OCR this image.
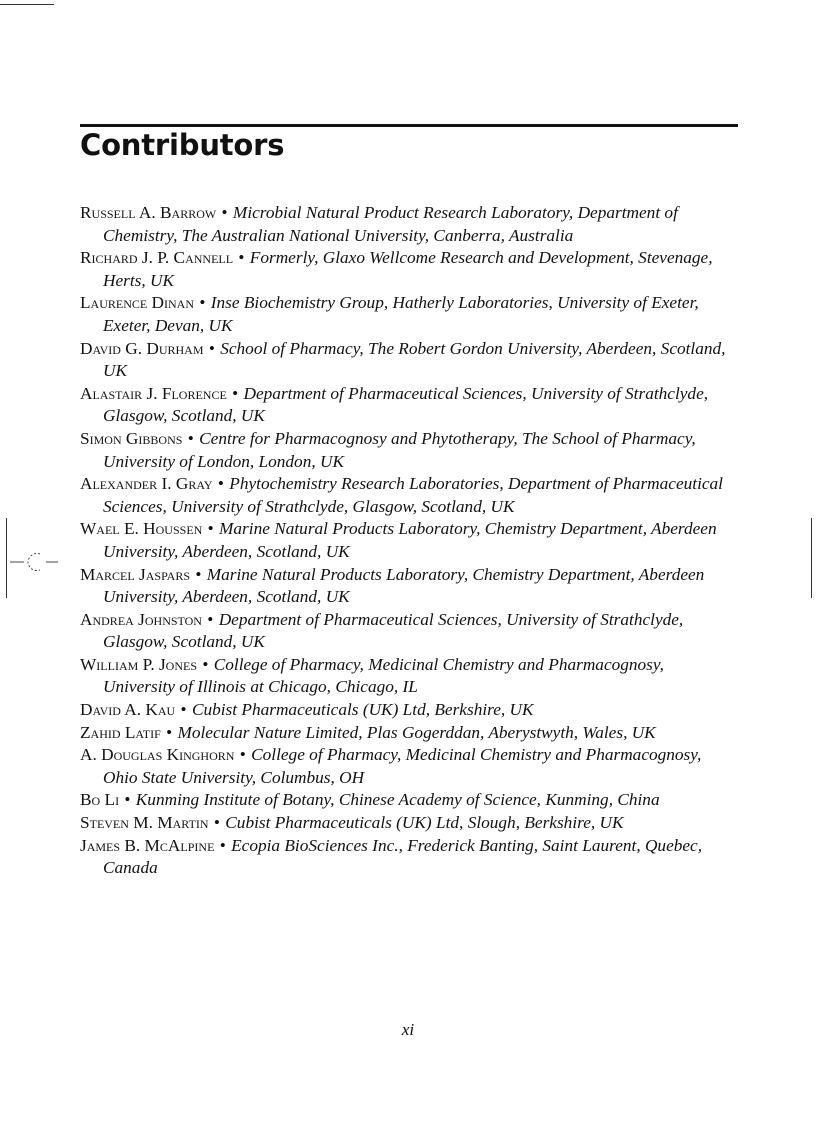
Contributors
Russell A. Barrow • Microbial Natural Product Research Laboratory, Department of Chemistry, The Australian National University, Canberra, Australia
Richard J. P. Cannell • Formerly, Glaxo Wellcome Research and Development, Stevenage, Herts, UK
Laurence Dinan • Inse Biochemistry Group, Hatherly Laboratories, University of Exeter, Exeter, Devan, UK
David G. Durham • School of Pharmacy, The Robert Gordon University, Aberdeen, Scotland, UK
Alastair J. Florence • Department of Pharmaceutical Sciences, University of Strathclyde, Glasgow, Scotland, UK
Simon Gibbons • Centre for Pharmacognosy and Phytotherapy, The School of Pharmacy, University of London, London, UK
Alexander I. Gray • Phytochemistry Research Laboratories, Department of Pharmaceutical Sciences, University of Strathclyde, Glasgow, Scotland, UK
Wael E. Houssen • Marine Natural Products Laboratory, Chemistry Department, Aberdeen University, Aberdeen, Scotland, UK
Marcel Jaspars • Marine Natural Products Laboratory, Chemistry Department, Aberdeen University, Aberdeen, Scotland, UK
Andrea Johnston • Department of Pharmaceutical Sciences, University of Strathclyde, Glasgow, Scotland, UK
William P. Jones • College of Pharmacy, Medicinal Chemistry and Pharmacognosy, University of Illinois at Chicago, Chicago, IL
David A. Kau • Cubist Pharmaceuticals (UK) Ltd, Berkshire, UK
Zahid Latif • Molecular Nature Limited, Plas Gogerddan, Aberystwyth, Wales, UK
A. Douglas Kinghorn • College of Pharmacy, Medicinal Chemistry and Pharmacognosy, Ohio State University, Columbus, OH
Bo Li • Kunming Institute of Botany, Chinese Academy of Science, Kunming, China
Steven M. Martin • Cubist Pharmaceuticals (UK) Ltd, Slough, Berkshire, UK
James B. McAlpine • Ecopia BioSciences Inc., Frederick Banting, Saint Laurent, Quebec, Canada
xi
